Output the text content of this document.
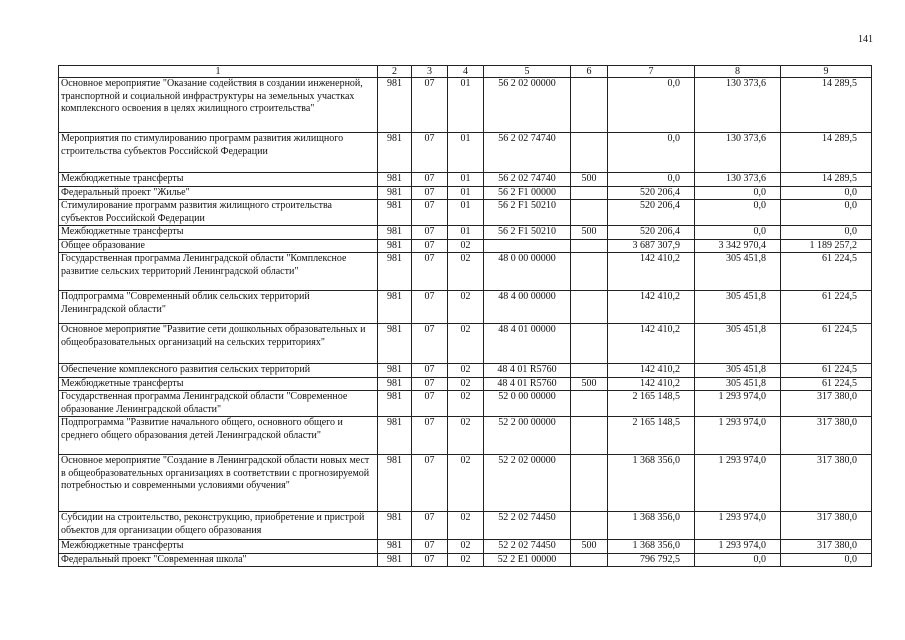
141
1	2	3	4	5	6	7	8	9
Основное мероприятие "Оказание содействия в создании инженерной, транспортной и социальной инфраструктуры на земельных участках комплексного освоения в целях жилищного строительства"	981	07	01	56 2 02 00000		0,0	130 373,6	14 289,5
Мероприятия по стимулированию программ развития жилищного строительства субъектов Российской Федерации	981	07	01	56 2 02 74740		0,0	130 373,6	14 289,5
Межбюджетные трансферты	981	07	01	56 2 02 74740	500	0,0	130 373,6	14 289,5
Федеральный проект "Жилье"	981	07	01	56 2 F1 00000		520 206,4	0,0	0,0
Стимулирование программ развития жилищного строительства субъектов Российской Федерации	981	07	01	56 2 F1 50210		520 206,4	0,0	0,0
Межбюджетные трансферты	981	07	01	56 2 F1 50210	500	520 206,4	0,0	0,0
Общее образование	981	07	02			3 687 307,9	3 342 970,4	1 189 257,2
Государственная программа Ленинградской области "Комплексное развитие сельских территорий Ленинградской области"	981	07	02	48 0 00 00000		142 410,2	305 451,8	61 224,5
Подпрограмма "Современный облик сельских территорий Ленинградской области"	981	07	02	48 4 00 00000		142 410,2	305 451,8	61 224,5
Основное мероприятие "Развитие сети дошкольных образовательных и общеобразовательных организаций на сельских территориях"	981	07	02	48 4 01 00000		142 410,2	305 451,8	61 224,5
Обеспечение комплексного развития сельских территорий	981	07	02	48 4 01 R5760		142 410,2	305 451,8	61 224,5
Межбюджетные трансферты	981	07	02	48 4 01 R5760	500	142 410,2	305 451,8	61 224,5
Государственная программа Ленинградской области "Современное образование Ленинградской области"	981	07	02	52 0 00 00000		2 165 148,5	1 293 974,0	317 380,0
Подпрограмма "Развитие начального общего, основного общего и среднего общего образования детей Ленинградской области"	981	07	02	52 2 00 00000		2 165 148,5	1 293 974,0	317 380,0
Основное мероприятие "Создание в Ленинградской области новых мест в общеобразовательных организациях в соответствии с прогнозируемой потребностью и современными условиями обучения"	981	07	02	52 2 02 00000		1 368 356,0	1 293 974,0	317 380,0
Субсидии на строительство, реконструкцию, приобретение и пристрой объектов для организации общего образования	981	07	02	52 2 02 74450		1 368 356,0	1 293 974,0	317 380,0
Межбюджетные трансферты	981	07	02	52 2 02 74450	500	1 368 356,0	1 293 974,0	317 380,0
Федеральный проект "Современная школа"	981	07	02	52 2 E1 00000		796 792,5	0,0	0,0
